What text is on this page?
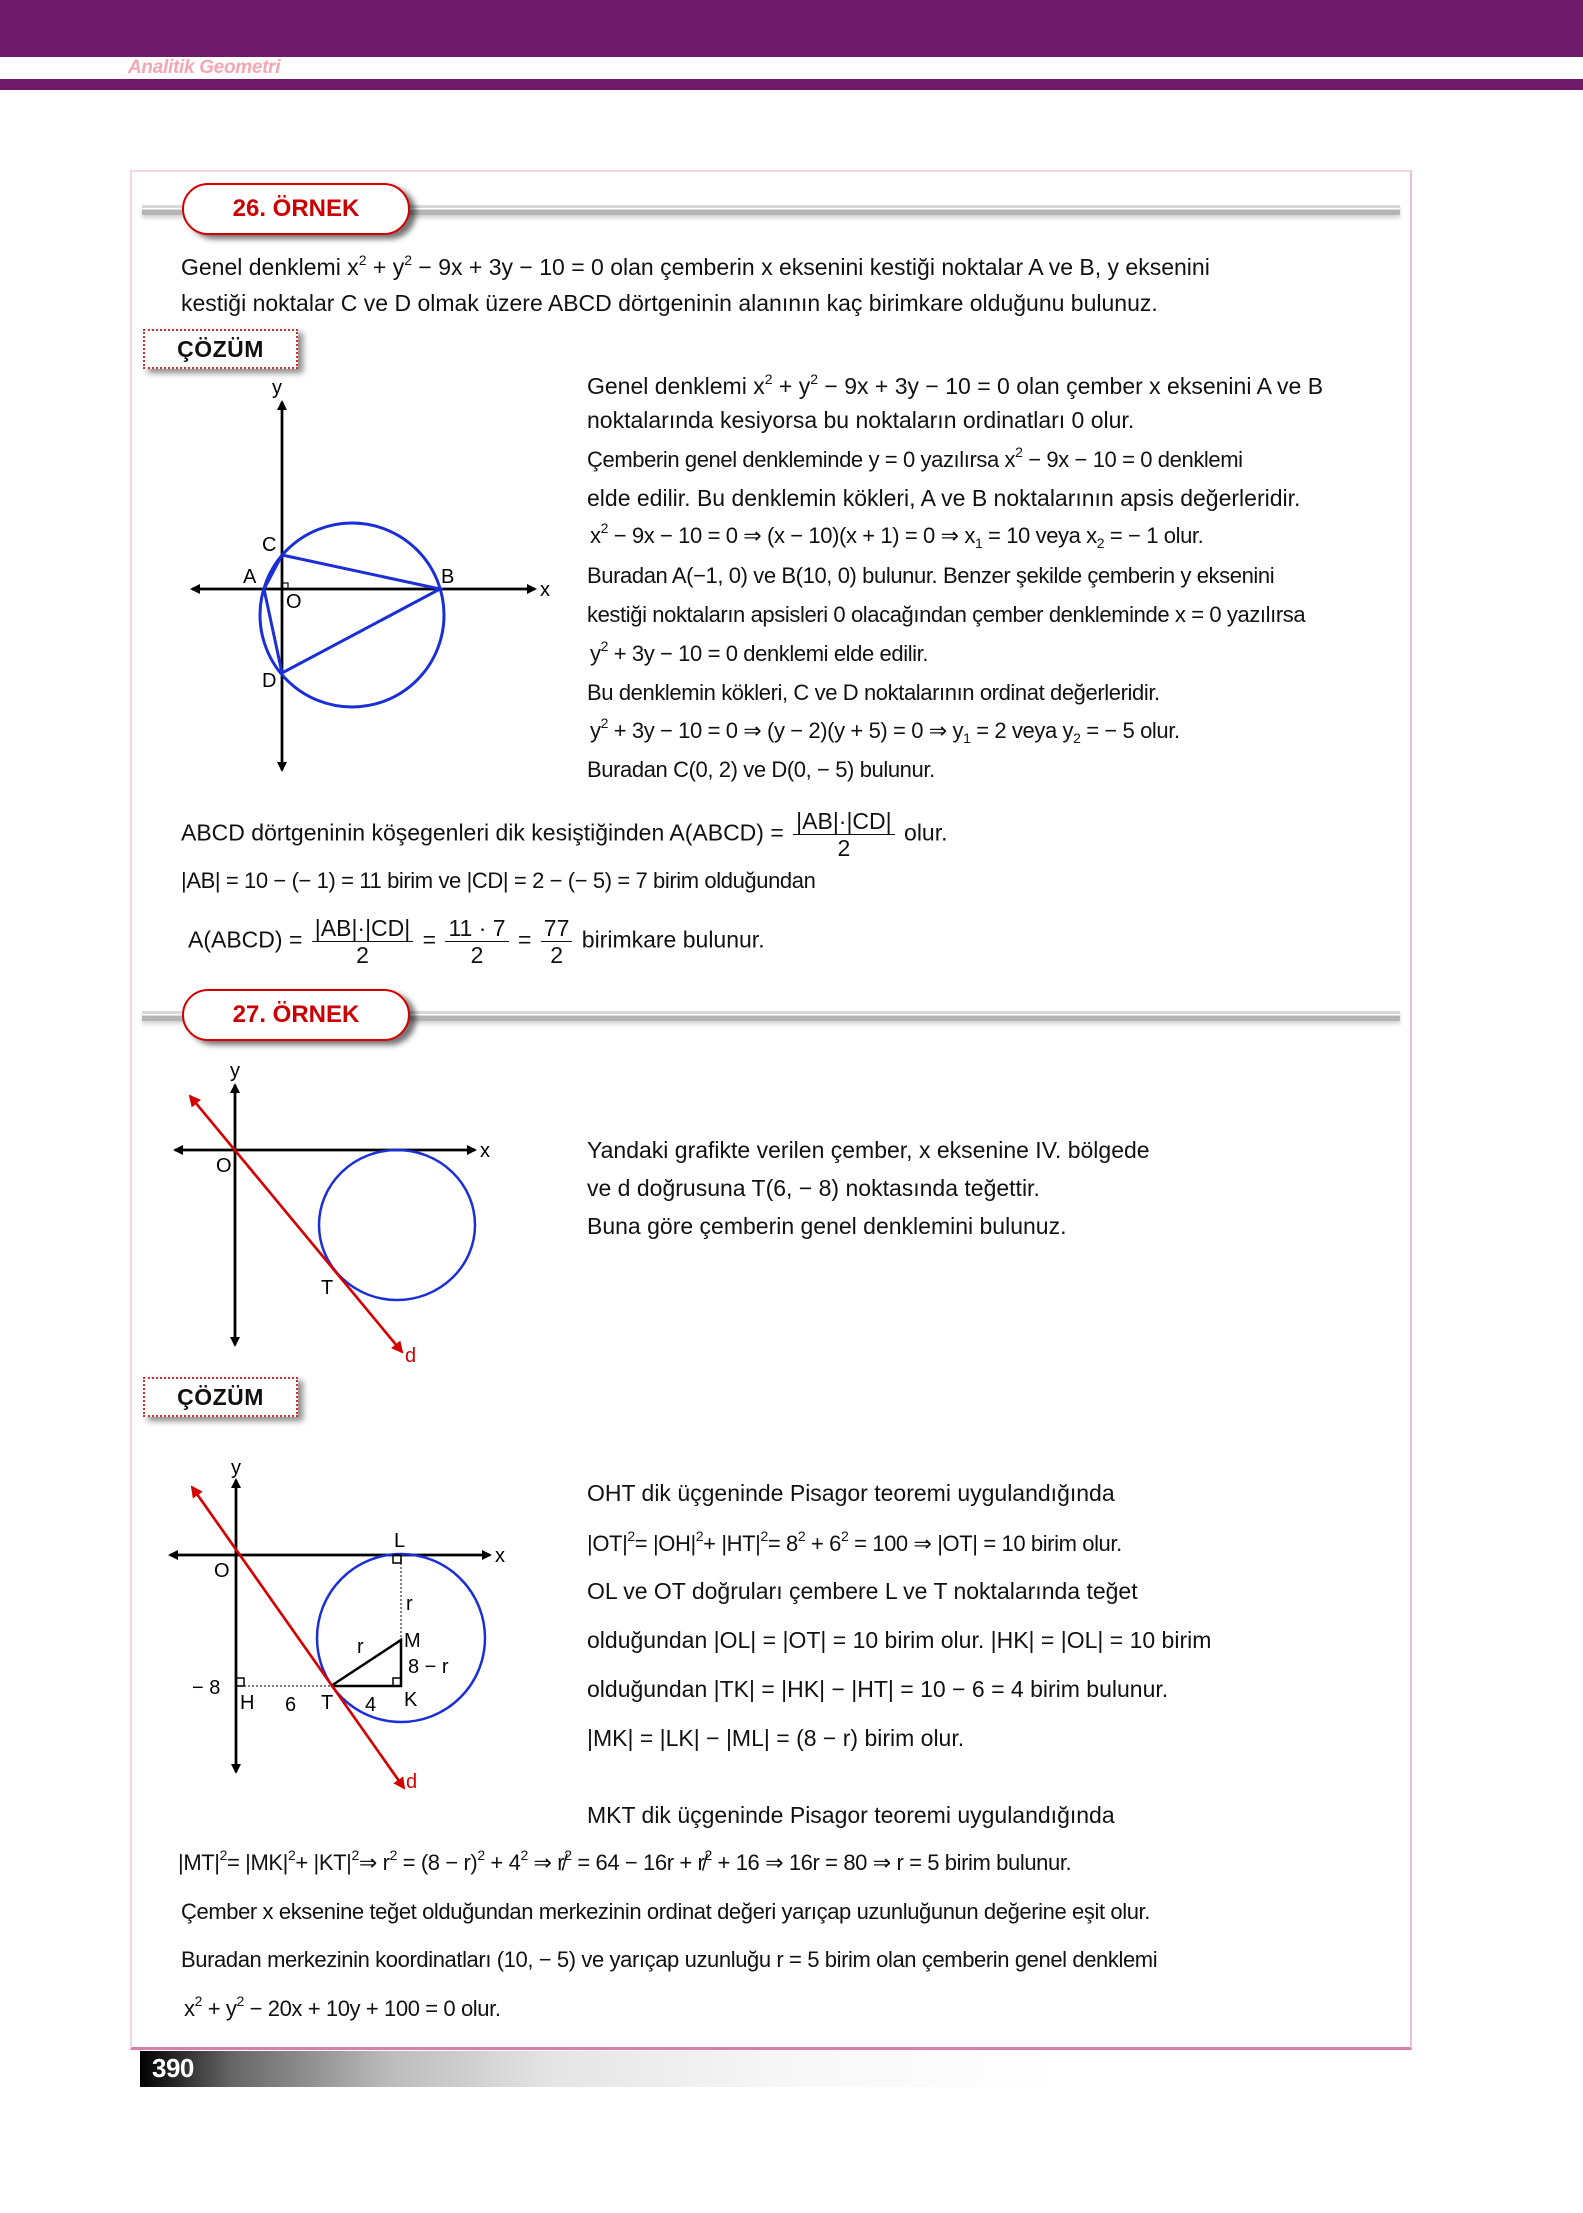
Analitik Geometri
26. ÖRNEK
Genel denklemi $x^2 + y^2 - 9x + 3y - 10 = 0$ olan çemberin x eksenini kestiği noktalar A ve B, y eksenini
kestiği noktalar C ve D olmak üzere ABCD dörtgeninin alanının kaç birimkare olduğunu bulunuz.
ÇÖZÜM
y
x
C
A	B
O
D
Genel denklemi $x^2 + y^2 - 9x + 3y - 10 = 0$ olan çember x eksenini A ve B
noktalarında kesiyorsa bu noktaların ordinatları 0 olur.
Çemberin genel denkleminde y = 0 yazılırsa $x^2 - 9x - 10 = 0$ denklemi
elde edilir. Bu denklemin kökleri, A ve B noktalarının apsis değerleridir.
$x^2 - 9x - 10 = 0$ ⇒ (x − 10)(x + 1) = 0 ⇒ $x_1 = 10$ veya $x_2$ = − 1 olur.
Buradan A(−1, 0) ve B(10, 0) bulunur. Benzer şekilde çemberin y eksenini
kestiği noktaların apsisleri 0 olacağından çember denkleminde x = 0 yazılırsa
$y^2 + 3y - 10 = 0$ denklemi elde edilir.
Bu denklemin kökleri, C ve D noktalarının ordinat değerleridir.
$y^2 + 3y - 10 = 0$ ⇒ (y − 2)(y + 5) = 0 ⇒ $y_1 = 2$ veya $y_2$ = − 5 olur.
Buradan C(0, 2) ve D(0, − 5) bulunur.
ABCD dörtgeninin köşegenleri dik kesiştiğinden A(ABCD) = $\frac{|AB|\cdot|CD|}{2}$ olur.
|AB| = 10 − (− 1) = 11 birim ve |CD| = 2 − (− 5) = 7 birim olduğundan
A(ABCD) = $\frac{|AB|\cdot|CD|}{2} = \frac{11 \cdot 7}{2} = \frac{77}{2}$ birimkare bulunur.
27. ÖRNEK
y
x
O
T
d
Yandaki grafikte verilen çember, x eksenine IV. bölgede
ve d doğrusuna T(6, − 8) noktasında teğettir.
Buna göre çemberin genel denklemini bulunuz.
ÇÖZÜM
y
x
O
L
r
r M
8 − r
− 8
H 6 T 4 K
d
OHT dik üçgeninde Pisagor teoremi uygulandığında
$|OT|^2= |OH|^2+ |HT|^2= 8^2 + 6^2 = 100$ ⇒ |OT| = 10 birim olur.
OL ve OT doğruları çembere L ve T noktalarında teğet
olduğundan |OL| = |OT| = 10 birim olur. |HK| = |OL| = 10 birim
olduğundan |TK| = |HK| − |HT| = 10 − 6 = 4 birim bulunur.
|MK| = |LK| − |ML| = (8 − r) birim olur.
MKT dik üçgeninde Pisagor teoremi uygulandığında
$|MT|^2= |MK|^2+$ $|KT|^2\Rightarrow$ $r^2 = (8 - r)^2 + 4^2$ ⇒ r̸$^2$ = 64 − 16r + r̸$^2$ + 16 ⇒ 16r = 80 ⇒ r = 5 birim bulunur.
Çember x eksenine teğet olduğundan merkezinin ordinat değeri yarıçap uzunluğunun değerine eşit olur.
Buradan merkezinin koordinatları (10, − 5) ve yarıçap uzunluğu r = 5 birim olan çemberin genel denklemi
$x^2 + y^2 - 20x + 10y + 100 = 0$ olur.
390
